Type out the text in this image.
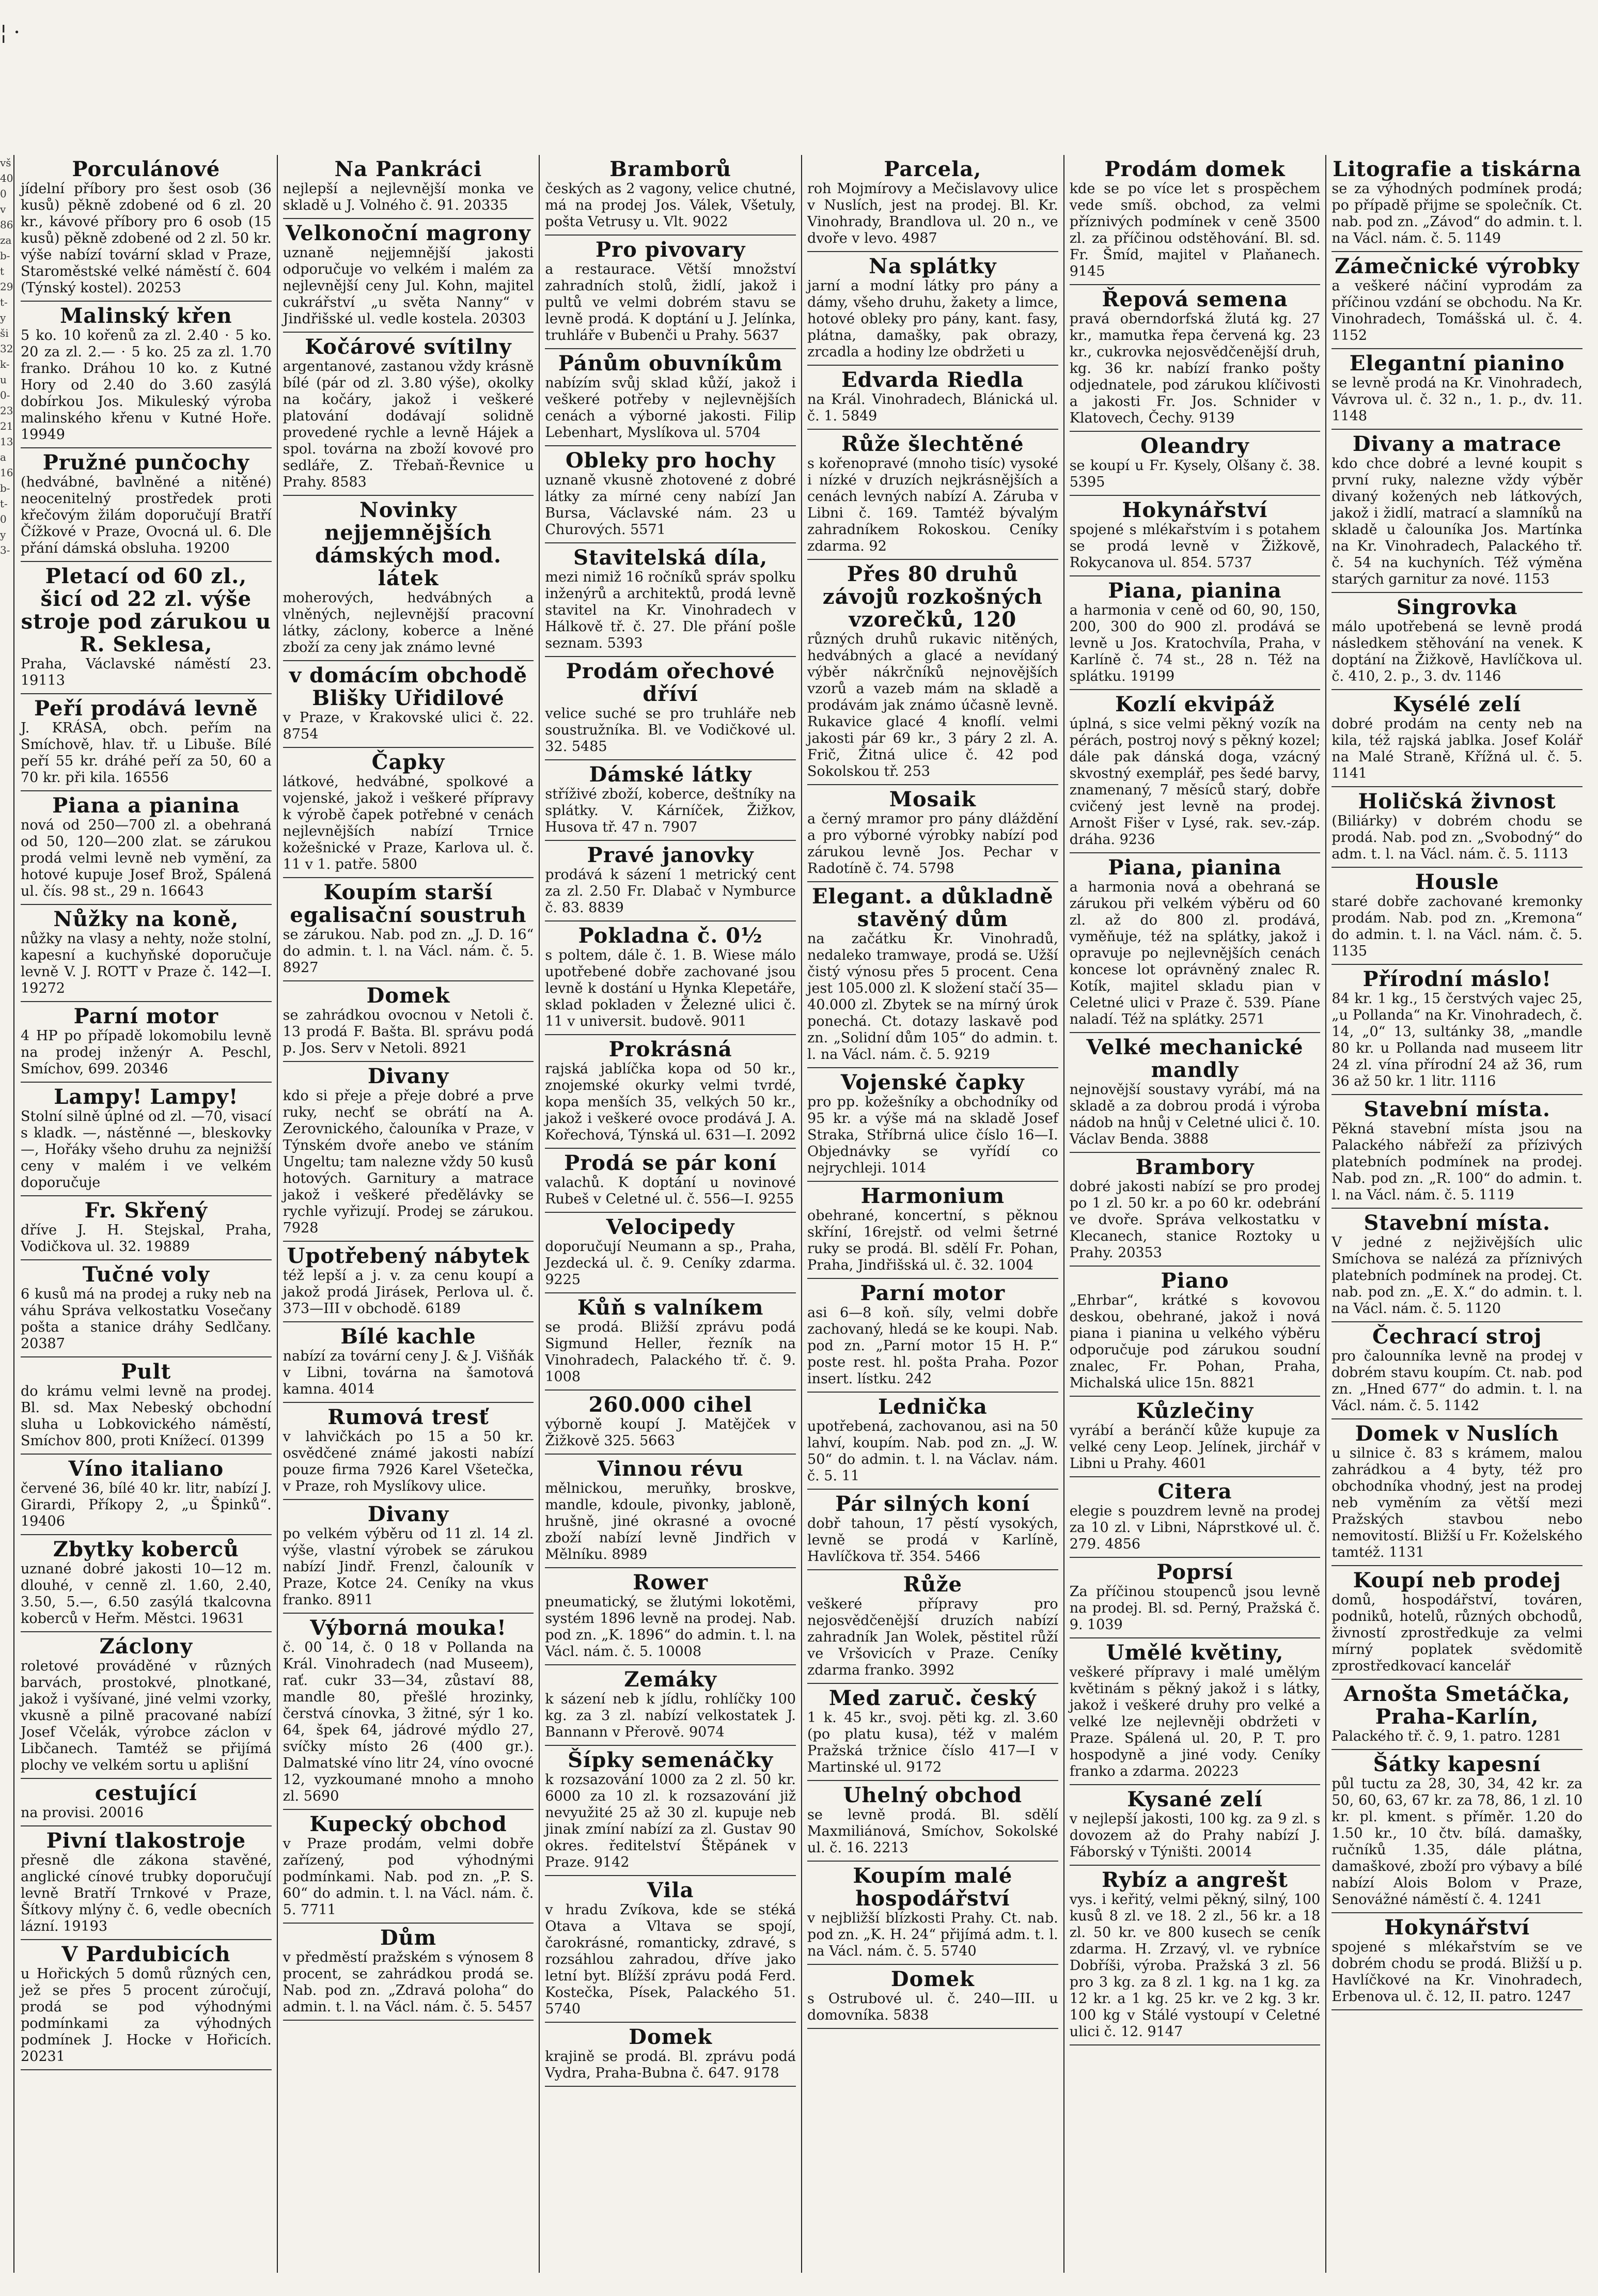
¦ ·
vš 40 0 v 86 za b- t 29 t- y ši 32 k- u 0- 23 21 13 a 16 b- t- 0 y 3-
Porculánové
jídelní příbory pro šest osob (36 kusů) pěkně zdobené od 6 zl. 20 kr., kávové příbory pro 6 osob (15 kusů) pěkně zdobené od 2 zl. 50 kr. výše nabízí tovární sklad v Praze, Staroměstské velké náměstí č. 604 (Týnský kostel). 20253
Malinský křen
5 ko. 10 kořenů za zl. 2.40 · 5 ko. 20 za zl. 2.— · 5 ko. 25 za zl. 1.70 franko. Dráhou 10 ko. z Kutné Hory od 2.40 do 3.60 zasýlá dobírkou Jos. Mikuleský výroba malinského křenu v Kutné Hoře. 19949
Pružné punčochy
(hedvábné, bavlněné a nitěné) neocenitelný prostředek proti křečovým žilám doporučují Bratří Čížkové v Praze, Ovocná ul. 6. Dle přání dámská obsluha. 19200
Pletací od 60 zl., šicí od 22 zl. výše stroje pod zárukou u R. Seklesa,
Praha, Václavské náměstí 23. 19113
Peří prodává levně
J. KRÁSA, obch. peřím na Smíchově, hlav. tř. u Libuše. Bílé peří 55 kr. dráhé peří za 50, 60 a 70 kr. při kila. 16556
Piana a pianina
nová od 250—700 zl. a obehraná od 50, 120—200 zlat. se zárukou prodá velmi levně neb vymění, za hotové kupuje Josef Brož, Spálená ul. čís. 98 st., 29 n. 16643
Nůžky na koně,
nůžky na vlasy a nehty, nože stolní, kapesní a kuchyňské doporučuje levně V. J. ROTT v Praze č. 142—I. 19272
Parní motor
4 HP po případě lokomobilu levně na prodej inženýr A. Peschl, Smíchov, 699. 20346
Lampy! Lampy!
Stolní silně úplné od zl. —70, visací s kladk. —, nástěnné —, bleskovky —, Hořáky všeho druhu za nejnižší ceny v malém i ve velkém doporučuje
Fr. Skřený
dříve J. H. Stejskal, Praha, Vodičkova ul. 32. 19889
Tučné voly
6 kusů má na prodej a ruky neb na váhu Správa velkostatku Vosečany pošta a stanice dráhy Sedlčany. 20387
Pult
do krámu velmi levně na prodej. Bl. sd. Max Nebeský obchodní sluha u Lobkovického náměstí, Smíchov 800, proti Knížecí. 01399
Víno italiano
červené 36, bílé 40 kr. litr, nabízí J. Girardi, Příkopy 2, „u Špinků“. 19406
Zbytky koberců
uznané dobré jakosti 10—12 m. dlouhé, v cenně zl. 1.60, 2.40, 3.50, 5.—, 6.50 zasýlá tkalcovna koberců v Heřm. Městci. 19631
Záclony
roletové prováděné v různých barvách, prostokvé, plnotkané, jakož i vyšívané, jiné velmi vzorky, vkusně a pilně pracované nabízí Josef Včelák, výrobce záclon v Libčanech. Tamtéž se přijímá plochy ve velkém sortu u aplišní
cestující
na provisi. 20016
Pivní tlakostroje
přesně dle zákona stavěné, anglické cínové trubky doporučují levně Bratří Trnkové v Praze, Šítkovy mlýny č. 6, vedle obecních lázní. 19193
V Pardubicích
u Hořických 5 domů různých cen, jež se přes 5 procent zúročují, prodá se pod výhodnými podmínkami za výhodných podmínek J. Hocke v Hořicích. 20231
Na Pankráci
nejlepší a nejlevnější monka ve skladě u J. Volného č. 91. 20335
Velkonoční magrony
uznaně nejjemnější jakosti odporučuje vo velkém i malém za nejlevnější ceny Jul. Kohn, majitel cukrářství „u světa Nanny“ v Jindřišské ul. vedle kostela. 20303
Kočárové svítilny
argentanové, zastanou vždy krásně bílé (pár od zl. 3.80 výše), okolky na kočáry, jakož i veškeré platování dodávají solidně provedené rychle a levně Hájek a spol. továrna na zboží kovové pro sedláře, Z. Třebaň-Řevnice u Prahy. 8583
Novinky nejjemnějších dámských mod. látek
moherových, hedvábných a vlněných, nejlevnější pracovní látky, záclony, koberce a lněné zboží za ceny jak známo levné
v domácím obchodě Blišky Uřidilové
v Praze, v Krakovské ulici č. 22. 8754
Čapky
látkové, hedvábné, spolkové a vojenské, jakož i veškeré přípravy k výrobě čapek potřebné v cenách nejlevnějších nabízí Trnice kožešnické v Praze, Karlova ul. č. 11 v 1. patře. 5800
Koupím starší egalisační soustruh
se zárukou. Nab. pod zn. „J. D. 16“ do admin. t. l. na Václ. nám. č. 5. 8927
Domek
se zahrádkou ovocnou v Netoli č. 13 prodá F. Bašta. Bl. správu podá p. Jos. Serv v Netoli. 8921
Divany
kdo si přeje a přeje dobré a prve ruky, nechť se obrátí na A. Zerovnického, čalouníka v Praze, v Týnském dvoře anebo ve stáním Ungeltu; tam nalezne vždy 50 kusů hotových. Garnitury a matrace jakož i veškeré předělávky se rychle vyřizují. Prodej se zárukou. 7928
Upotřebený nábytek
též lepší a j. v. za cenu koupí a jakož prodá Jirásek, Perlova ul. č. 373—III v obchodě. 6189
Bílé kachle
nabízí za tovární ceny J. & J. Višňák v Libni, továrna na šamotová kamna. 4014
Rumová tresť
v lahvičkách po 15 a 50 kr. osvědčené známé jakosti nabízí pouze firma 7926 Karel Všetečka, v Praze, roh Myslíkovy ulice.
Divany
po velkém výběru od 11 zl. 14 zl. výše, vlastní výrobek se zárukou nabízí Jindř. Frenzl, čalouník v Praze, Kotce 24. Ceníky na vkus franko. 8911
Výborná mouka!
č. 00 14, č. 0 18 v Pollanda na Král. Vinohradech (nad Museem), rať. cukr 33—34, zůstaví 88, mandle 80, přešlé hrozinky, čerstvá cínovka, 3 žitné, sýr 1 ko. 64, špek 64, jádrové mýdlo 27, svíčky místo 26 (400 gr.). Dalmatské víno litr 24, víno ovocné 12, vyzkoumané mnoho a mnoho zl. 5690
Kupecký obchod
v Praze prodám, velmi dobře zařízený, pod výhodnými podmínkami. Nab. pod zn. „P. S. 60“ do admin. t. l. na Václ. nám. č. 5. 7711
Dům
v předměstí pražském s výnosem 8 procent, se zahrádkou prodá se. Nab. pod zn. „Zdravá poloha“ do admin. t. l. na Václ. nám. č. 5. 5457
Bramborů
českých as 2 vagony, velice chutné, má na prodej Jos. Válek, Všetuly, pošta Vetrusy u. Vlt. 9022
Pro pivovary
a restaurace. Větší množství zahradních stolů, židlí, jakož i pultů ve velmi dobrém stavu se levně prodá. K doptání u J. Jelínka, truhláře v Bubenči u Prahy. 5637
Pánům obuvníkům
nabízím svůj sklad kůží, jakož i veškeré potřeby v nejlevnějších cenách a výborné jakosti. Filip Lebenhart, Myslíkova ul. 5704
Obleky pro hochy
uznaně vkusně zhotovené z dobré látky za mírné ceny nabízí Jan Bursa, Václavské nám. 23 u Churových. 5571
Stavitelská díla,
mezi nimiž 16 ročníků správ spolku inženýrů a architektů, prodá levně stavitel na Kr. Vinohradech v Hálkově tř. č. 27. Dle přání pošle seznam. 5393
Prodám ořechové dříví
velice suché se pro truhláře neb soustružníka. Bl. ve Vodičkové ul. 32. 5485
Dámské látky
stříživé zboží, koberce, deštníky na splátky. V. Kárníček, Žižkov, Husova tř. 47 n. 7907
Pravé janovky
prodává k sázení 1 metrický cent za zl. 2.50 Fr. Dlabač v Nymburce č. 83. 8839
Pokladna č. 0½
s poltem, dále č. 1. B. Wiese málo upotřebené dobře zachované jsou levně k dostání u Hynka Klepetáře, sklad pokladen v Železné ulici č. 11 v universit. budově. 9011
Prokrásná
rajská jablíčka kopa od 50 kr., znojemské okurky velmi tvrdé, kopa menších 35, velkých 50 kr., jakož i veškeré ovoce prodává J. A. Kořechová, Týnská ul. 631—I. 2092
Prodá se pár koní
valachů. K doptání u novinové Rubeš v Celetné ul. č. 556—I. 9255
Velocipedy
doporučují Neumann a sp., Praha, Jezdecká ul. č. 9. Ceníky zdarma. 9225
Kůň s valníkem
se prodá. Bližší zprávu podá Sigmund Heller, řezník na Vinohradech, Palackého tř. č. 9. 1008
260.000 cihel
výborně koupí J. Matějček v Žižkově 325. 5663
Vinnou révu
mělnickou, meruňky, broskve, mandle, kdoule, pivonky, jabloně, hrušně, jiné okrasné a ovocné zboží nabízí levně Jindřich v Mělníku. 8989
Rower
pneumatický, se žlutými lokotěmi, systém 1896 levně na prodej. Nab. pod zn. „K. 1896“ do admin. t. l. na Václ. nám. č. 5. 10008
Zemáky
k sázení neb k jídlu, rohlíčky 100 kg. za 3 zl. nabízí velkostatek J. Bannann v Přerově. 9074
Šípky semenáčky
k rozsazování 1000 za 2 zl. 50 kr. 6000 za 10 zl. k rozsazování již nevyužité 25 až 30 zl. kupuje neb jinak zmíní nabízí za zl. Gustav 90 okres. ředitelství Štěpánek v Praze. 9142
Vila
v hradu Zvíkova, kde se stéká Otava a Vltava se spojí, čarokrásné, romanticky, zdravé, s rozsáhlou zahradou, dříve jako letní byt. Blížší zprávu podá Ferd. Kostečka, Písek, Palackého 51. 5740
Domek
krajině se prodá. Bl. zprávu podá Vydra, Praha-Bubna č. 647. 9178
Parcela,
roh Mojmírovy a Mečislavovy ulice v Nuslích, jest na prodej. Bl. Kr. Vinohrady, Brandlova ul. 20 n., ve dvoře v levo. 4987
Na splátky
jarní a modní látky pro pány a dámy, všeho druhu, žakety a limce, hotové obleky pro pány, kant. fasy, plátna, damašky, pak obrazy, zrcadla a hodiny lze obdržeti u
Edvarda Riedla
na Král. Vinohradech, Blánická ul. č. 1. 5849
Růže šlechtěné
s kořenopravé (mnoho tisíc) vysoké i nízké v druzích nejkrásnějších a cenách levných nabízí A. Záruba v Libni č. 169. Tamtéž bývalým zahradníkem Rokoskou. Ceníky zdarma. 92
Přes 80 druhů závojů rozkošných vzorečků, 120
různých druhů rukavic nitěných, hedvábných a glacé a nevídaný výběr nákrčníků nejnovějších vzorů a vazeb mám na skladě a prodávám jak známo účasně levně. Rukavice glacé 4 knoflí. velmi jakosti pár 69 kr., 3 páry 2 zl. A. Frič, Žitná ulice č. 42 pod Sokolskou tř. 253
Mosaik
a černý mramor pro pány dláždění a pro výborné výrobky nabízí pod zárukou levně Jos. Pechar v Radotíně č. 74. 5798
Elegant. a důkladně stavěný dům
na začátku Kr. Vinohradů, nedaleko tramwaye, prodá se. Užší čistý výnosu přes 5 procent. Cena jest 105.000 zl. K složení stačí 35—40.000 zl. Zbytek se na mírný úrok ponechá. Ct. dotazy laskavě pod zn. „Solidní dům 105“ do admin. t. l. na Václ. nám. č. 5. 9219
Vojenské čapky
pro pp. kožešníky a obchodníky od 95 kr. a výše má na skladě Josef Straka, Stříbrná ulice číslo 16—I. Objednávky se vyřídí co nejrychleji. 1014
Harmonium
obehrané, koncertní, s pěknou skříní, 16rejstř. od velmi šetrné ruky se prodá. Bl. sdělí Fr. Pohan, Praha, Jindřišská ul. č. 32. 1004
Parní motor
asi 6—8 koň. síly, velmi dobře zachovaný, hledá se ke koupi. Nab. pod zn. „Parní motor 15 H. P.“ poste rest. hl. pošta Praha. Pozor insert. lístku. 242
Lednička
upotřebená, zachovanou, asi na 50 lahví, koupím. Nab. pod zn. „J. W. 50“ do admin. t. l. na Václav. nám. č. 5. 11
Pár silných koní
dobř tahoun, 17 pěstí vysokých, levně se prodá v Karlíně, Havlíčkova tř. 354. 5466
Růže
veškeré přípravy pro nejosvědčenější druzích nabízí zahradník Jan Wolek, pěstitel růží ve Vršovicích v Praze. Ceníky zdarma franko. 3992
Med zaruč. český
1 k. 45 kr., svoj. pěti kg. zl. 3.60 (po platu kusa), též v malém Pražská tržnice číslo 417—I v Martinské ul. 9172
Uhelný obchod
se levně prodá. Bl. sdělí Maxmiliánová, Smíchov, Sokolské ul. č. 16. 2213
Koupím malé hospodářství
v nejbližší blízkosti Prahy. Ct. nab. pod zn. „K. H. 24“ přijímá adm. t. l. na Václ. nám. č. 5. 5740
Domek
s Ostrubové ul. č. 240—III. u domovníka. 5838
Prodám domek
kde se po více let s prospěchem vede smíš. obchod, za velmi příznivých podmínek v ceně 3500 zl. za příčinou odstěhování. Bl. sd. Fr. Šmíd, majitel v Plaňanech. 9145
Řepová semena
pravá oberndorfská žlutá kg. 27 kr., mamutka řepa červená kg. 23 kr., cukrovka nejosvědčenější druh, kg. 36 kr. nabízí franko pošty odjednatele, pod zárukou klíčivosti a jakosti Fr. Jos. Schnider v Klatovech, Čechy. 9139
Oleandry
se koupí u Fr. Kysely, Olšany č. 38. 5395
Hokynářství
spojené s mlékařstvím i s potahem se prodá levně v Žižkově, Rokycanova ul. 854. 5737
Piana, pianina
a harmonia v ceně od 60, 90, 150, 200, 300 do 900 zl. prodává se levně u Jos. Kratochvíla, Praha, v Karlíně č. 74 st., 28 n. Též na splátku. 19199
Kozlí ekvipáž
úplná, s sice velmi pěkný vozík na pérách, postroj nový s pěkný kozel; dále pak dánská doga, vzácný skvostný exemplář, pes šedé barvy, znamenaný, 7 měsíců starý, dobře cvičený jest levně na prodej. Arnošt Fišer v Lysé, rak. sev.-záp. dráha. 9236
Piana, pianina
a harmonia nová a obehraná se zárukou při velkém výběru od 60 zl. až do 800 zl. prodává, vyměňuje, též na splátky, jakož i opravuje po nejlevnějších cenách koncese lot oprávněný znalec R. Kotík, majitel skladu pian v Celetné ulici v Praze č. 539. Píane naladí. Též na splátky. 2571
Velké mechanické mandly
nejnovější soustavy vyrábí, má na skladě a za dobrou prodá i výroba nádob na hnůj v Celetné ulici č. 10. Václav Benda. 3888
Brambory
dobré jakosti nabízí se pro prodej po 1 zl. 50 kr. a po 60 kr. odebrání ve dvoře. Správa velkostatku v Klecanech, stanice Roztoky u Prahy. 20353
Piano
„Ehrbar“, krátké s kovovou deskou, obehrané, jakož i nová piana i pianina u velkého výběru odporučuje pod zárukou soudní znalec, Fr. Pohan, Praha, Michalská ulice 15n. 8821
Kůzlečiny
vyrábí a beránčí kůže kupuje za velké ceny Leop. Jelínek, jirchář v Libni u Prahy. 4601
Citera
elegie s pouzdrem levně na prodej za 10 zl. v Libni, Náprstkové ul. č. 279. 4856
Poprsí
Za příčinou stoupenců jsou levně na prodej. Bl. sd. Perný, Pražská č. 9. 1039
Umělé květiny,
veškeré přípravy i malé umělým květinám s pěkný jakož i s látky, jakož i veškeré druhy pro velké a velké lze nejlevněji obdržeti v Praze. Spálená ul. 20, P. T. pro hospodyně a jiné vody. Ceníky franko a zdarma. 20223
Kysané zelí
v nejlepší jakosti, 100 kg. za 9 zl. s dovozem až do Prahy nabízí J. Fáborský v Týništi. 20014
Rybíz a angrešt
vys. i keřitý, velmi pěkný, silný, 100 kusů 8 zl. ve 18. 2 zl., 56 kr. a 18 zl. 50 kr. ve 800 kusech se ceník zdarma. H. Zrzavý, vl. ve rybníce Dobříši, výroba. Pražská 3 zl. 56 pro 3 kg. za 8 zl. 1 kg. na 1 kg. za 12 kr. a 1 kg. 25 kr. ve 2 kg. 3 kr. 100 kg v Stálé vystoupí v Celetné ulici č. 12. 9147
Litografie a tiskárna
se za výhodných podmínek prodá; po případě přijme se společník. Ct. nab. pod zn. „Závod“ do admin. t. l. na Václ. nám. č. 5. 1149
Zámečnické výrobky
a veškeré náčiní vyprodám za příčinou vzdání se obchodu. Na Kr. Vinohradech, Tomášská ul. č. 4. 1152
Elegantní pianino
se levně prodá na Kr. Vinohradech, Vávrova ul. č. 32 n., 1. p., dv. 11. 1148
Divany a matrace
kdo chce dobré a levné koupit s první ruky, nalezne vždy výběr divaný kožených neb látkových, jakož i židlí, matrací a slamníků na skladě u čalouníka Jos. Martínka na Kr. Vinohradech, Palackého tř. č. 54 na kuchyních. Též výměna starých garnitur za nové. 1153
Singrovka
málo upotřebená se levně prodá následkem stěhování na venek. K doptání na Žižkově, Havlíčkova ul. č. 410, 2. p., 3. dv. 1146
Kysélé zelí
dobré prodám na centy neb na kila, též rajská jablka. Josef Kolář na Malé Straně, Křížná ul. č. 5. 1141
Holičská živnost
(Biliárky) v dobrém chodu se prodá. Nab. pod zn. „Svobodný“ do adm. t. l. na Václ. nám. č. 5. 1113
Housle
staré dobře zachované kremonky prodám. Nab. pod zn. „Kremona“ do admin. t. l. na Václ. nám. č. 5. 1135
Přírodní máslo!
84 kr. 1 kg., 15 čerstvých vajec 25, „u Pollanda“ na Kr. Vinohradech, č. 14, „0“ 13, sultánky 38, „mandle 80 kr. u Pollanda nad museem litr 24 zl. vína přírodní 24 až 36, rum 36 až 50 kr. 1 litr. 1116
Stavební místa.
Pěkná stavební místa jsou na Palackého nábřeží za přízivých platebních podmínek na prodej. Nab. pod zn. „R. 100“ do admin. t. l. na Václ. nám. č. 5. 1119
Stavební místa.
V jedné z nejživějších ulic Smíchova se nalézá za příznivých platebních podmínek na prodej. Ct. nab. pod zn. „E. X.“ do admin. t. l. na Václ. nám. č. 5. 1120
Čechrací stroj
pro čalounníka levně na prodej v dobrém stavu koupím. Ct. nab. pod zn. „Hned 677“ do admin. t. l. na Václ. nám. č. 5. 1142
Domek v Nuslích
u silnice č. 83 s krámem, malou zahrádkou a 4 byty, též pro obchodníka vhodný, jest na prodej neb vyměním za větší mezi Pražských stavbou nebo nemovitostí. Bližší u Fr. Koželského tamtéž. 1131
Koupí neb prodej
domů, hospodářství, továren, podniků, hotelů, různých obchodů, živností zprostředkuje za velmi mírný poplatek svědomitě zprostředkovací kancelář
Arnošta Smetáčka, Praha-Karlín,
Palackého tř. č. 9, 1. patro. 1281
Šátky kapesní
půl tuctu za 28, 30, 34, 42 kr. za 50, 60, 63, 67 kr. za 78, 86, 1 zl. 10 kr. pl. kment. s příměr. 1.20 do 1.50 kr., 10 čtv. bílá. damašky, ručníků 1.35, dále plátna, damaškové, zboží pro výbavy a bílé nabízí Alois Bolom v Praze, Senovážné náměstí č. 4. 1241
Hokynářství
spojené s mlékařstvím se ve dobrém chodu se prodá. Bližší u p. Havlíčkové na Kr. Vinohradech, Erbenova ul. č. 12, II. patro. 1247
